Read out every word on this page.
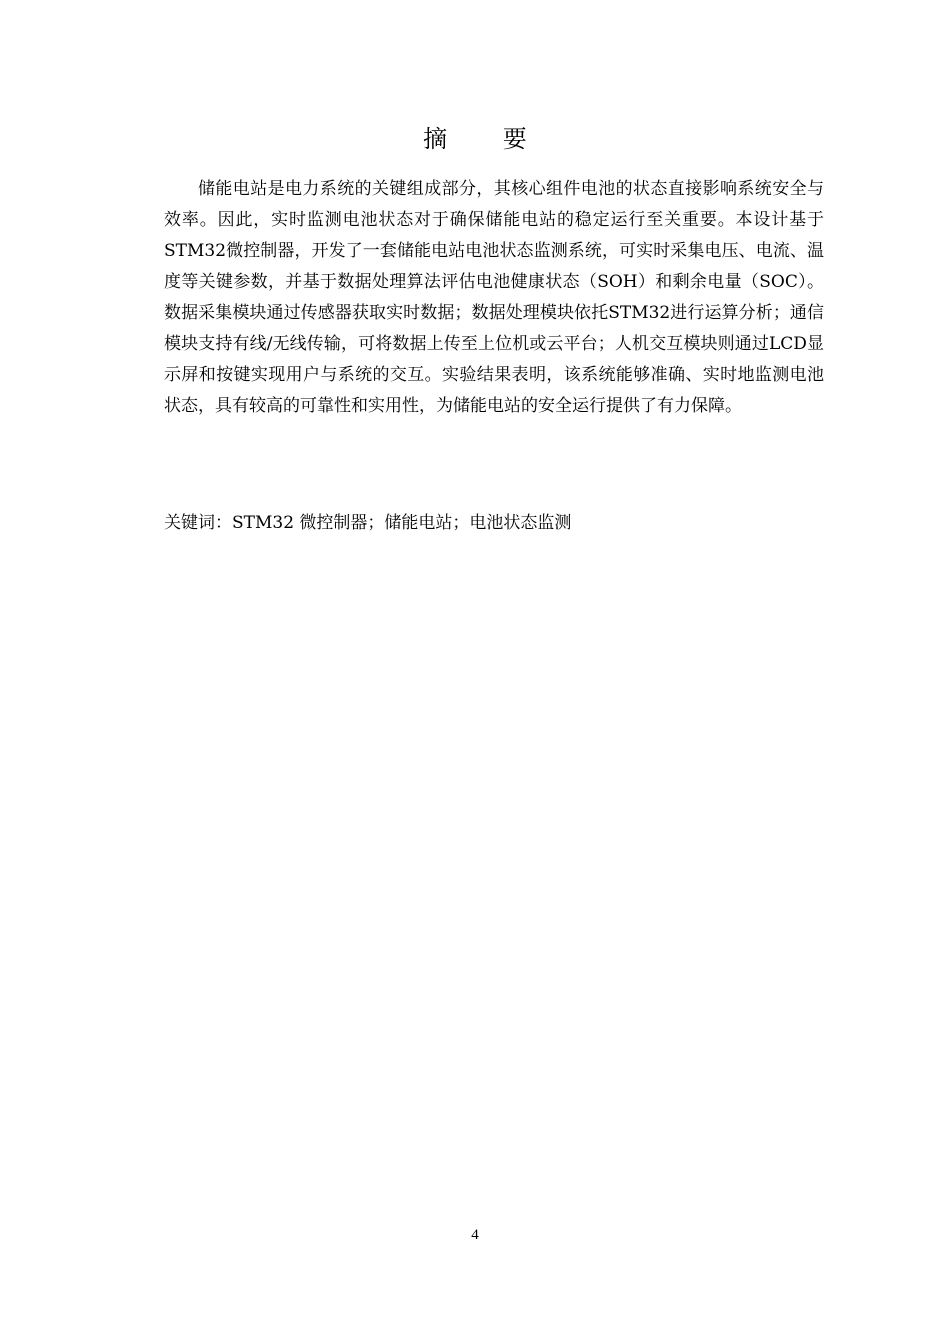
摘 要

储能电站是电力系统的关键组成部分，其核心组件电池的状态直接影响系统安全与效率。因此，实时监测电池状态对于确保储能电站的稳定运行至关重要。本设计基于STM32微控制器，开发了一套储能电站电池状态监测系统，可实时采集电压、电流、温度等关键参数，并基于数据处理算法评估电池健康状态（SOH）和剩余电量（SOC）。数据采集模块通过传感器获取实时数据；数据处理模块依托STM32进行运算分析；通信模块支持有线/无线传输，可将数据上传至上位机或云平台；人机交互模块则通过LCD显示屏和按键实现用户与系统的交互。实验结果表明，该系统能够准确、实时地监测电池状态，具有较高的可靠性和实用性，为储能电站的安全运行提供了有力保障。

关键词：STM32 微控制器；储能电站；电池状态监测
4
